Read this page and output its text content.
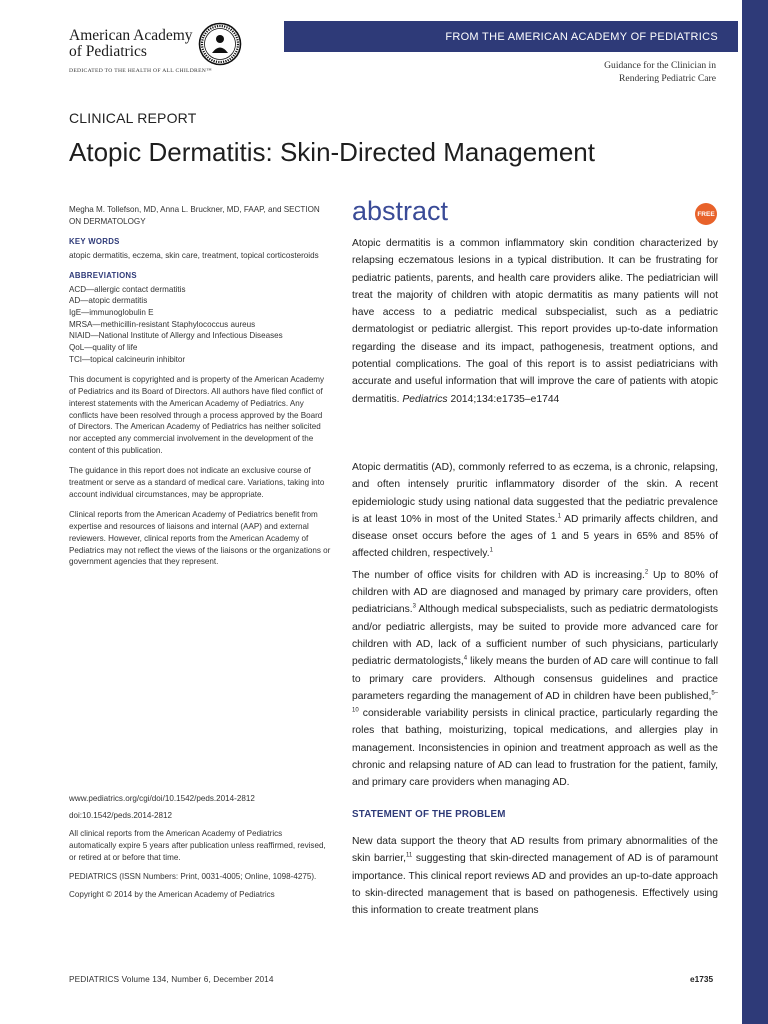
American Academy
of Pediatrics
DEDICATED TO THE HEALTH OF ALL CHILDREN™
FROM THE AMERICAN ACADEMY OF PEDIATRICS
Guidance for the Clinician in
Rendering Pediatric Care
CLINICAL REPORT
Atopic Dermatitis: Skin-Directed Management

Megha M. Tollefson, MD, Anna L. Bruckner, MD, FAAP, and SECTION ON DERMATOLOGY

KEY WORDS

atopic dermatitis, eczema, skin care, treatment, topical corticosteroids

ABBREVIATIONS

ACD—allergic contact dermatitis
AD—atopic dermatitis
IgE—immunoglobulin E
MRSA—methicillin-resistant Staphylococcus aureus
NIAID—National Institute of Allergy and Infectious Diseases
QoL—quality of life
TCI—topical calcineurin inhibitor

This document is copyrighted and is property of the American Academy of Pediatrics and its Board of Directors. All authors have filed conflict of interest statements with the American Academy of Pediatrics. Any conflicts have been resolved through a process approved by the Board of Directors. The American Academy of Pediatrics has neither solicited nor accepted any commercial involvement in the development of the content of this publication.

The guidance in this report does not indicate an exclusive course of treatment or serve as a standard of medical care. Variations, taking into account individual circumstances, may be appropriate.

Clinical reports from the American Academy of Pediatrics benefit from expertise and resources of liaisons and internal (AAP) and external reviewers. However, clinical reports from the American Academy of Pediatrics may not reflect the views of the liaisons or the organizations or government agencies that they represent.

www.pediatrics.org/cgi/doi/10.1542/peds.2014-2812

doi:10.1542/peds.2014-2812

All clinical reports from the American Academy of Pediatrics automatically expire 5 years after publication unless reaffirmed, revised, or retired at or before that time.

PEDIATRICS (ISSN Numbers: Print, 0031-4005; Online, 1098-4275).

Copyright © 2014 by the American Academy of Pediatrics

abstract	FREE
Atopic dermatitis is a common inflammatory skin condition characterized by relapsing eczematous lesions in a typical distribution. It can be frustrating for pediatric patients, parents, and health care providers alike. The pediatrician will treat the majority of children with atopic dermatitis as many patients will not have access to a pediatric medical subspecialist, such as a pediatric dermatologist or pediatric allergist. This report provides up-to-date information regarding the disease and its impact, pathogenesis, treatment options, and potential complications. The goal of this report is to assist pediatricians with accurate and useful information that will improve the care of patients with atopic dermatitis. Pediatrics 2014;134:e1735–e1744

Atopic dermatitis (AD), commonly referred to as eczema, is a chronic, relapsing, and often intensely pruritic inflammatory disorder of the skin. A recent epidemiologic study using national data suggested that the pediatric prevalence is at least 10% in most of the United States.$^1$ AD primarily affects children, and disease onset occurs before the ages of 1 and 5 years in 65% and 85% of affected children, respectively.$^1$

The number of office visits for children with AD is increasing.$^2$ Up to 80% of children with AD are diagnosed and managed by primary care providers, often pediatricians.$^3$ Although medical subspecialists, such as pediatric dermatologists and/or pediatric allergists, may be suited to provide more advanced care for children with AD, lack of a sufficient number of such physicians, particularly pediatric dermatologists,$^4$ likely means the burden of AD care will continue to fall to primary care providers. Although consensus guidelines and practice parameters regarding the management of AD in children have been published,$^{5-10}$ considerable variability persists in clinical practice, particularly regarding the roles that bathing, moisturizing, topical medications, and allergies play in management. Inconsistencies in opinion and treatment approach as well as the chronic and relapsing nature of AD can lead to frustration for the patient, family, and primary care providers when managing AD.

STATEMENT OF THE PROBLEM

New data support the theory that AD results from primary abnormalities of the skin barrier,$^{11}$ suggesting that skin-directed management of AD is of paramount importance. This clinical report reviews AD and provides an up-to-date approach to skin-directed management that is based on pathogenesis. Effectively using this information to create treatment plans

PEDIATRICS Volume 134, Number 6, December 2014	e1735
